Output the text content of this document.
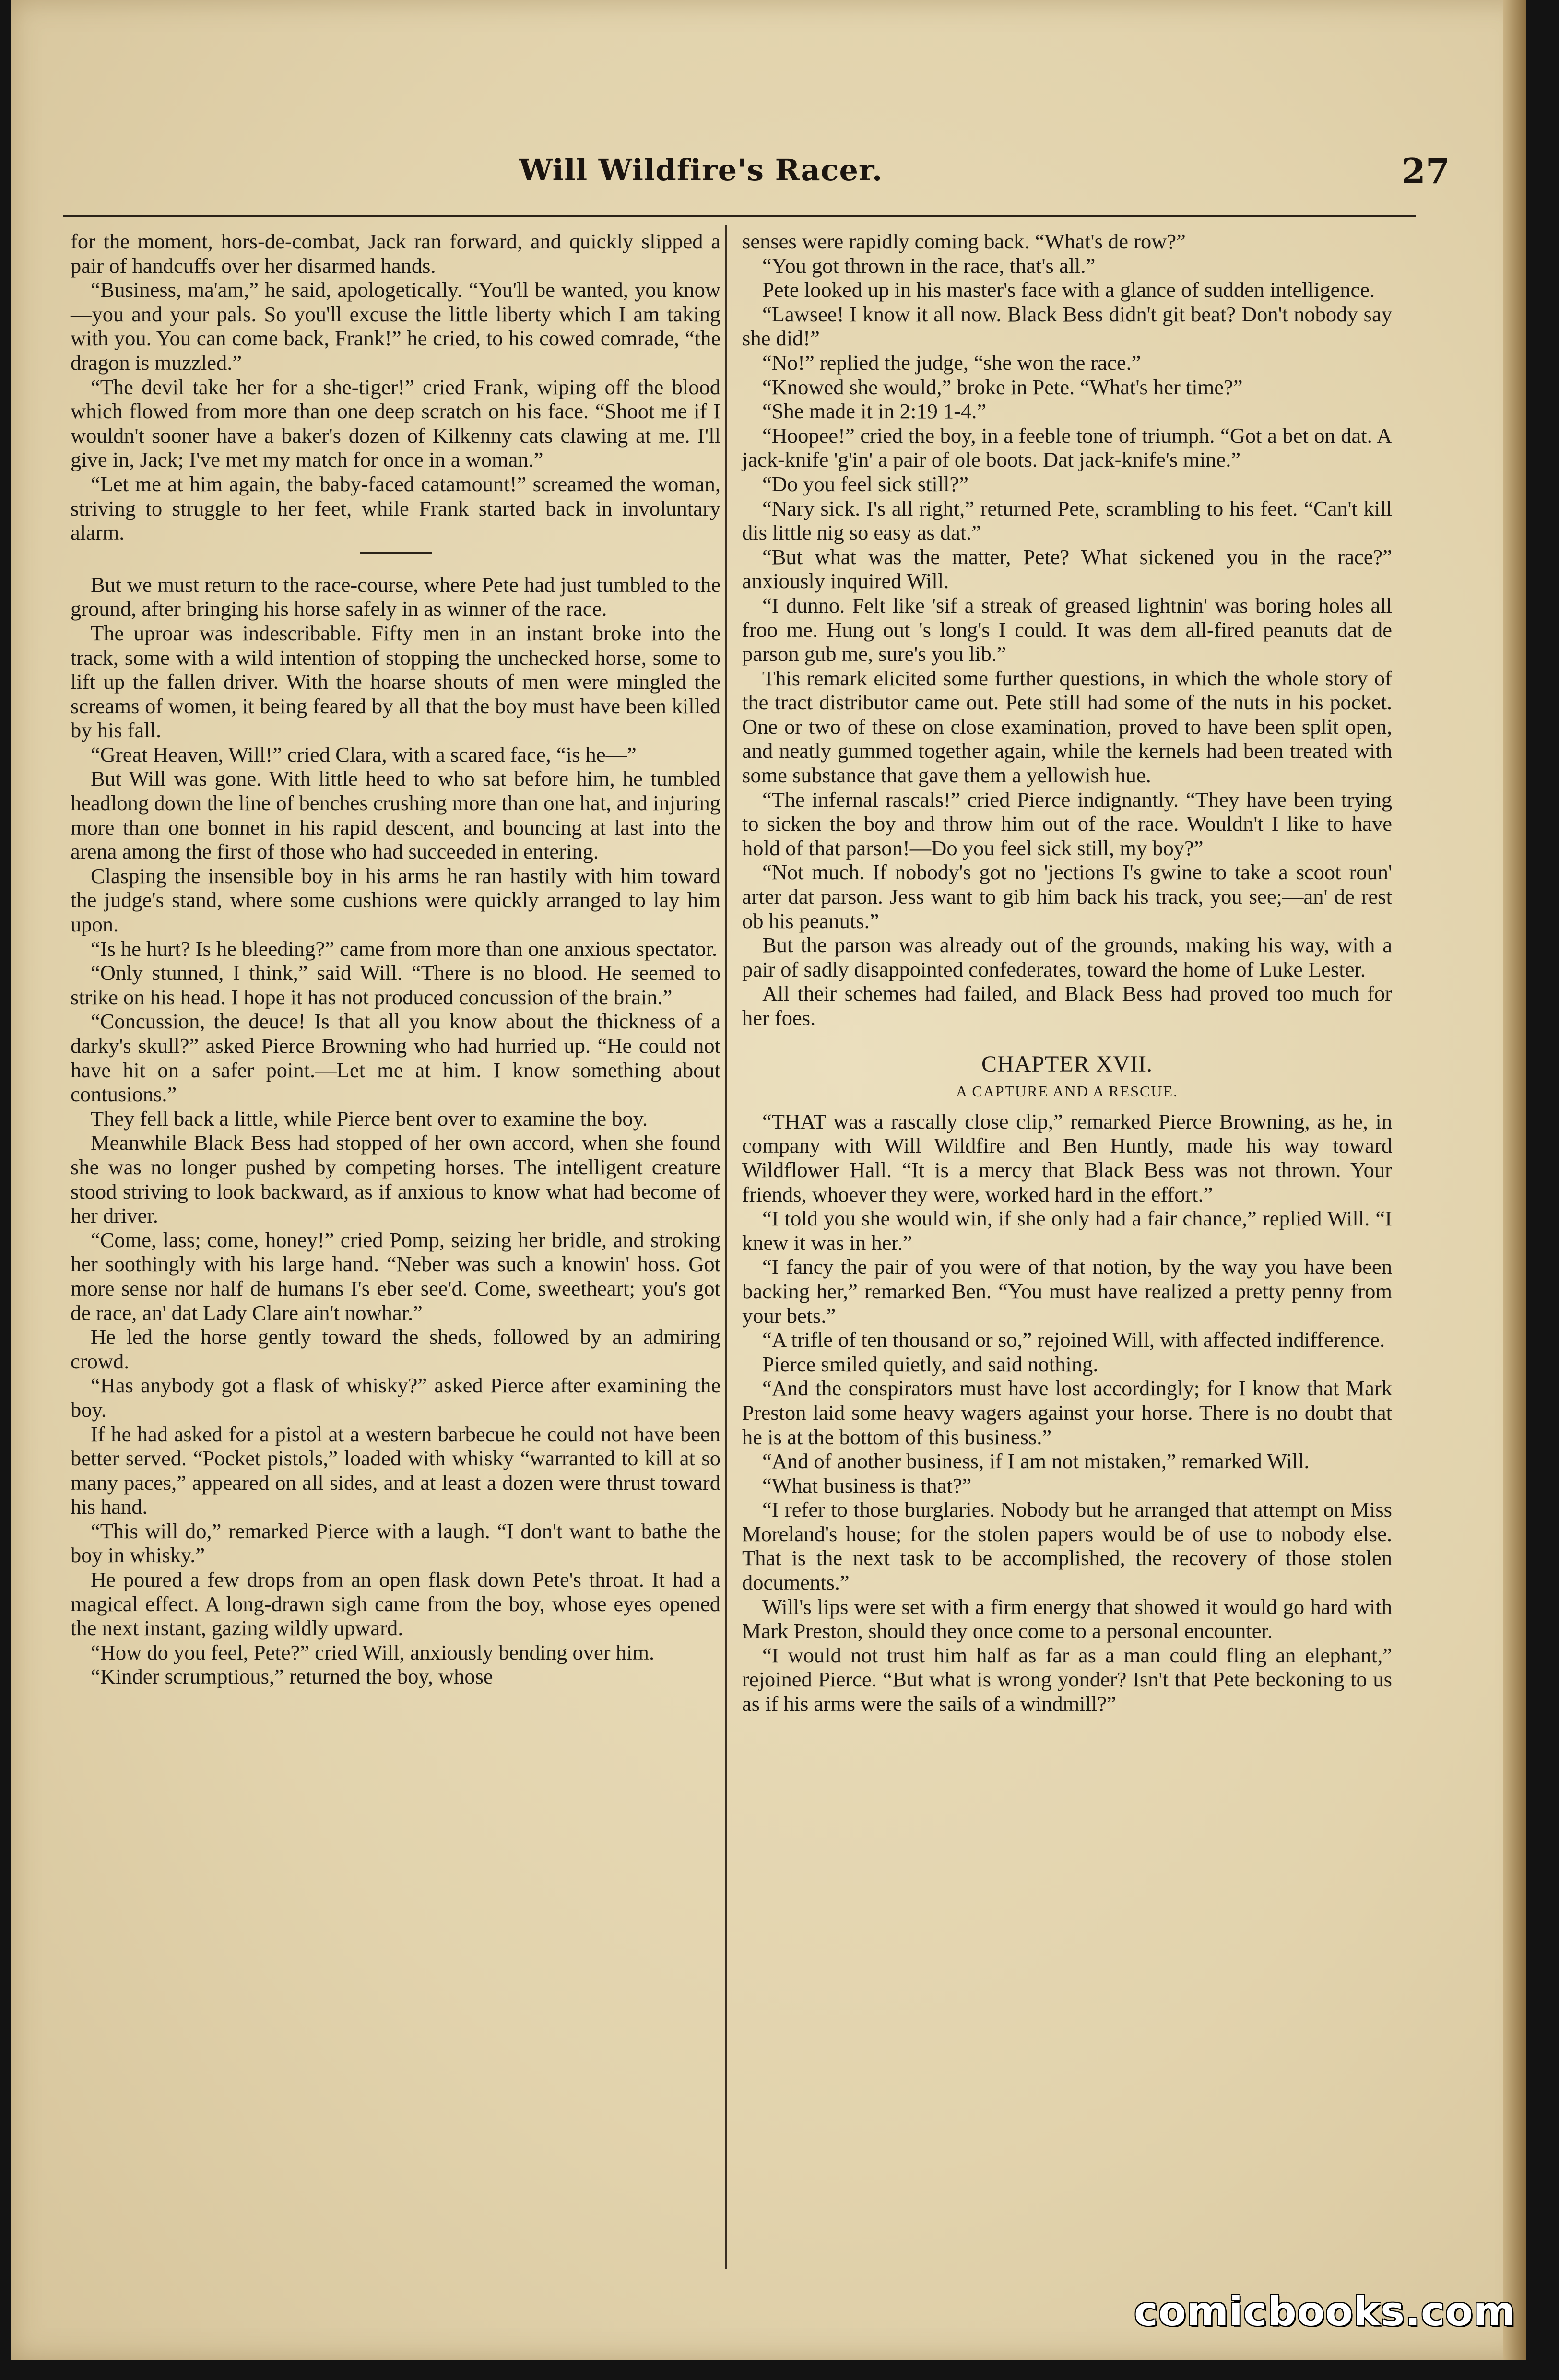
Will Wildfire's Racer.	27

for the moment, hors-de-combat, Jack ran forward, and quickly slipped a pair of handcuffs over her disarmed hands.

“Business, ma'am,” he said, apologetically. “You'll be wanted, you know—you and your pals. So you'll excuse the little liberty which I am taking with you. You can come back, Frank!” he cried, to his cowed comrade, “the dragon is muzzled.”

“The devil take her for a she-tiger!” cried Frank, wiping off the blood which flowed from more than one deep scratch on his face. “Shoot me if I wouldn't sooner have a baker's dozen of Kilkenny cats clawing at me. I'll give in, Jack; I've met my match for once in a woman.”

“Let me at him again, the baby-faced catamount!” screamed the woman, striving to struggle to her feet, while Frank started back in involuntary alarm.

But we must return to the race-course, where Pete had just tumbled to the ground, after bringing his horse safely in as winner of the race.

The uproar was indescribable. Fifty men in an instant broke into the track, some with a wild intention of stopping the unchecked horse, some to lift up the fallen driver. With the hoarse shouts of men were mingled the screams of women, it being feared by all that the boy must have been killed by his fall.

“Great Heaven, Will!” cried Clara, with a scared face, “is he—”

But Will was gone. With little heed to who sat before him, he tumbled headlong down the line of benches crushing more than one hat, and injuring more than one bonnet in his rapid descent, and bouncing at last into the arena among the first of those who had succeeded in entering.

Clasping the insensible boy in his arms he ran hastily with him toward the judge's stand, where some cushions were quickly arranged to lay him upon.

“Is he hurt? Is he bleeding?” came from more than one anxious spectator.

“Only stunned, I think,” said Will. “There is no blood. He seemed to strike on his head. I hope it has not produced concussion of the brain.”

“Concussion, the deuce! Is that all you know about the thickness of a darky's skull?” asked Pierce Browning who had hurried up. “He could not have hit on a safer point.—Let me at him. I know something about contusions.”

They fell back a little, while Pierce bent over to examine the boy.

Meanwhile Black Bess had stopped of her own accord, when she found she was no longer pushed by competing horses. The intelligent creature stood striving to look backward, as if anxious to know what had become of her driver.

“Come, lass; come, honey!” cried Pomp, seizing her bridle, and stroking her soothingly with his large hand. “Neber was such a knowin' hoss. Got more sense nor half de humans I's eber see'd. Come, sweetheart; you's got de race, an' dat Lady Clare ain't nowhar.”

He led the horse gently toward the sheds, followed by an admiring crowd.

“Has anybody got a flask of whisky?” asked Pierce after examining the boy.

If he had asked for a pistol at a western barbecue he could not have been better served. “Pocket pistols,” loaded with whisky “warranted to kill at so many paces,” appeared on all sides, and at least a dozen were thrust toward his hand.

“This will do,” remarked Pierce with a laugh. “I don't want to bathe the boy in whisky.”

He poured a few drops from an open flask down Pete's throat. It had a magical effect. A long-drawn sigh came from the boy, whose eyes opened the next instant, gazing wildly upward.

“How do you feel, Pete?” cried Will, anxiously bending over him.

“Kinder scrumptious,” returned the boy, whose

senses were rapidly coming back. “What's de row?”

“You got thrown in the race, that's all.”

Pete looked up in his master's face with a glance of sudden intelligence.

“Lawsee! I know it all now. Black Bess didn't git beat? Don't nobody say she did!”

“No!” replied the judge, “she won the race.”

“Knowed she would,” broke in Pete. “What's her time?”

“She made it in 2:19 1-4.”

“Hoopee!” cried the boy, in a feeble tone of triumph. “Got a bet on dat. A jack-knife 'g'in' a pair of ole boots. Dat jack-knife's mine.”

“Do you feel sick still?”

“Nary sick. I's all right,” returned Pete, scrambling to his feet. “Can't kill dis little nig so easy as dat.”

“But what was the matter, Pete? What sickened you in the race?” anxiously inquired Will.

“I dunno. Felt like 'sif a streak of greased lightnin' was boring holes all froo me. Hung out 's long's I could. It was dem all-fired peanuts dat de parson gub me, sure's you lib.”

This remark elicited some further questions, in which the whole story of the tract distributor came out. Pete still had some of the nuts in his pocket. One or two of these on close examination, proved to have been split open, and neatly gummed together again, while the kernels had been treated with some substance that gave them a yellowish hue.

“The infernal rascals!” cried Pierce indignantly. “They have been trying to sicken the boy and throw him out of the race. Wouldn't I like to have hold of that parson!—Do you feel sick still, my boy?”

“Not much. If nobody's got no 'jections I's gwine to take a scoot roun' arter dat parson. Jess want to gib him back his track, you see;—an' de rest ob his peanuts.”

But the parson was already out of the grounds, making his way, with a pair of sadly disappointed confederates, toward the home of Luke Lester.

All their schemes had failed, and Black Bess had proved too much for her foes.

CHAPTER XVII.
A CAPTURE AND A RESCUE.

“THAT was a rascally close clip,” remarked Pierce Browning, as he, in company with Will Wildfire and Ben Huntly, made his way toward Wildflower Hall. “It is a mercy that Black Bess was not thrown. Your friends, whoever they were, worked hard in the effort.”

“I told you she would win, if she only had a fair chance,” replied Will. “I knew it was in her.”

“I fancy the pair of you were of that notion, by the way you have been backing her,” remarked Ben. “You must have realized a pretty penny from your bets.”

“A trifle of ten thousand or so,” rejoined Will, with affected indifference.

Pierce smiled quietly, and said nothing.

“And the conspirators must have lost accordingly; for I know that Mark Preston laid some heavy wagers against your horse. There is no doubt that he is at the bottom of this business.”

“And of another business, if I am not mistaken,” remarked Will.

“What business is that?”

“I refer to those burglaries. Nobody but he arranged that attempt on Miss Moreland's house; for the stolen papers would be of use to nobody else. That is the next task to be accomplished, the recovery of those stolen documents.”

Will's lips were set with a firm energy that showed it would go hard with Mark Preston, should they once come to a personal encounter.

“I would not trust him half as far as a man could fling an elephant,” rejoined Pierce. “But what is wrong yonder? Isn't that Pete beckoning to us as if his arms were the sails of a windmill?”

comicbooks.com
